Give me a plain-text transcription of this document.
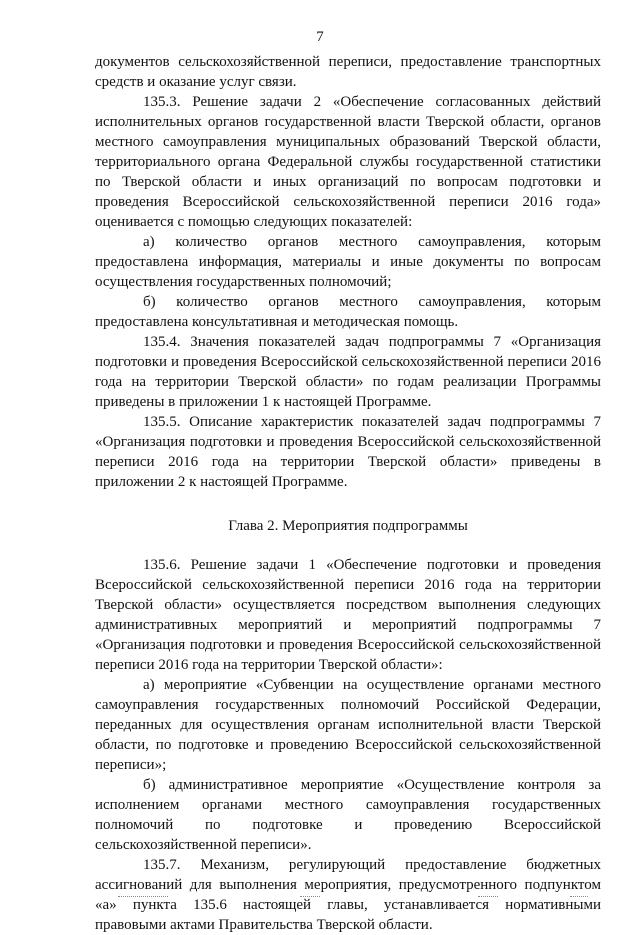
7

документов сельскохозяйственной переписи, предоставление транспортных средств и оказание услуг связи.

135.3. Решение задачи 2 «Обеспечение согласованных действий исполнительных органов государственной власти Тверской области, органов местного самоуправления муниципальных образований Тверской области, территориального органа Федеральной службы государственной статистики по Тверской области и иных организаций по вопросам подготовки и проведения Всероссийской сельскохозяйственной переписи 2016 года» оценивается с помощью следующих показателей:

а) количество органов местного самоуправления, которым предоставлена информация, материалы и иные документы по вопросам осуществления государственных полномочий;

б) количество органов местного самоуправления, которым предоставлена консультативная и методическая помощь.

135.4. Значения показателей задач подпрограммы 7 «Организация подготовки и проведения Всероссийской сельскохозяйственной переписи 2016 года на территории Тверской области» по годам реализации Программы приведены в приложении 1 к настоящей Программе.

135.5. Описание характеристик показателей задач подпрограммы 7 «Организация подготовки и проведения Всероссийской сельскохозяйственной переписи 2016 года на территории Тверской области» приведены в приложении 2 к настоящей Программе.

Глава 2. Мероприятия подпрограммы

135.6. Решение задачи 1 «Обеспечение подготовки и проведения Всероссийской сельскохозяйственной переписи 2016 года на территории Тверской области» осуществляется посредством выполнения следующих административных мероприятий и мероприятий подпрограммы 7 «Организация подготовки и проведения Всероссийской сельскохозяйственной переписи 2016 года на территории Тверской области»:

а) мероприятие «Субвенции на осуществление органами местного самоуправления государственных полномочий Российской Федерации, переданных для осуществления органам исполнительной власти Тверской области, по подготовке и проведению Всероссийской сельскохозяйственной переписи»;

б) административное мероприятие «Осуществление контроля за исполнением органами местного самоуправления государственных полномочий по подготовке и проведению Всероссийской сельскохозяйственной переписи».

135.7. Механизм, регулирующий предоставление бюджетных ассигнований для выполнения мероприятия, предусмотренного подпунктом «а» пункта 135.6 настоящей главы, устанавливается нормативными правовыми актами Правительства Тверской области.
